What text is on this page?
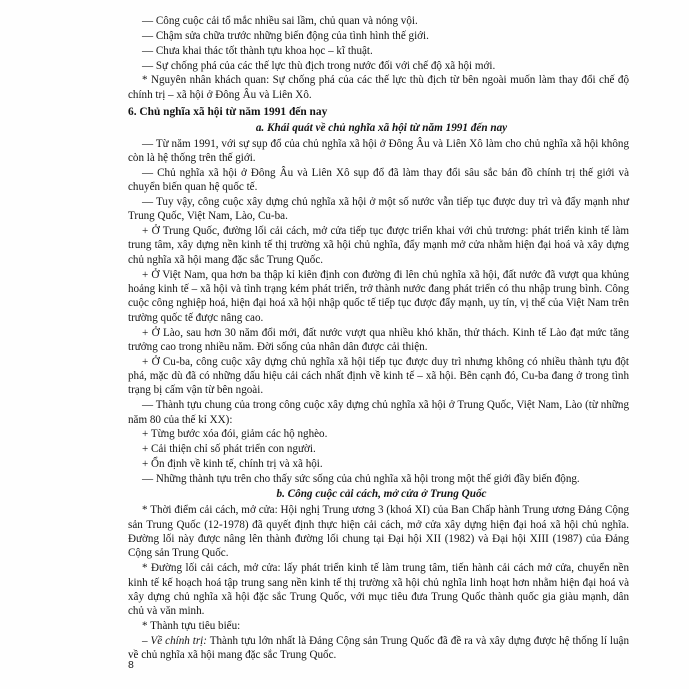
— Công cuộc cải tổ mắc nhiều sai lầm, chủ quan và nóng vội.
— Chậm sửa chữa trước những biến động của tình hình thế giới.
— Chưa khai thác tốt thành tựu khoa học – kĩ thuật.
— Sự chống phá của các thế lực thù địch trong nước đối với chế độ xã hội mới.
* Nguyên nhân khách quan: Sự chống phá của các thế lực thù địch từ bên ngoài muốn làm thay đổi chế độ chính trị – xã hội ở Đông Âu và Liên Xô.
6. Chủ nghĩa xã hội từ năm 1991 đến nay
a. Khái quát về chủ nghĩa xã hội từ năm 1991 đến nay
— Từ năm 1991, với sự sụp đổ của chủ nghĩa xã hội ở Đông Âu và Liên Xô làm cho chủ nghĩa xã hội không còn là hệ thống trên thế giới.
— Chủ nghĩa xã hội ở Đông Âu và Liên Xô sụp đổ đã làm thay đổi sâu sắc bản đồ chính trị thế giới và chuyển biến quan hệ quốc tế.
— Tuy vậy, công cuộc xây dựng chủ nghĩa xã hội ở một số nước vẫn tiếp tục được duy trì và đẩy mạnh như Trung Quốc, Việt Nam, Lào, Cu-ba.
+ Ở Trung Quốc, đường lối cải cách, mở cửa tiếp tục được triển khai với chủ trương: phát triển kinh tế làm trung tâm, xây dựng nền kinh tế thị trường xã hội chủ nghĩa, đẩy mạnh mở cửa nhằm hiện đại hoá và xây dựng chủ nghĩa xã hội mang đặc sắc Trung Quốc.
+ Ở Việt Nam, qua hơn ba thập kỉ kiên định con đường đi lên chủ nghĩa xã hội, đất nước đã vượt qua khủng hoảng kinh tế – xã hội và tình trạng kém phát triển, trở thành nước đang phát triển có thu nhập trung bình. Công cuộc công nghiệp hoá, hiện đại hoá xã hội nhập quốc tế tiếp tục được đẩy mạnh, uy tín, vị thế của Việt Nam trên trường quốc tế được nâng cao.
+ Ở Lào, sau hơn 30 năm đổi mới, đất nước vượt qua nhiều khó khăn, thử thách. Kinh tế Lào đạt mức tăng trưởng cao trong nhiều năm. Đời sống của nhân dân được cải thiện.
+ Ở Cu-ba, công cuộc xây dựng chủ nghĩa xã hội tiếp tục được duy trì nhưng không có nhiều thành tựu đột phá, mặc dù đã có những dấu hiệu cải cách nhất định về kinh tế – xã hội. Bên cạnh đó, Cu-ba đang ở trong tình trạng bị cấm vận từ bên ngoài.
— Thành tựu chung của trong công cuộc xây dựng chủ nghĩa xã hội ở Trung Quốc, Việt Nam, Lào (từ những năm 80 của thế kỉ XX):
+ Từng bước xóa đói, giảm các hộ nghèo.
+ Cải thiện chỉ số phát triển con người.
+ Ổn định về kinh tế, chính trị và xã hội.
— Những thành tựu trên cho thấy sức sống của chủ nghĩa xã hội trong một thế giới đầy biến động.
b. Công cuộc cải cách, mở cửa ở Trung Quốc
* Thời điểm cải cách, mở cửa: Hội nghị Trung ương 3 (khoá XI) của Ban Chấp hành Trung ương Đảng Cộng sản Trung Quốc (12-1978) đã quyết định thực hiện cải cách, mở cửa xây dựng hiện đại hoá xã hội chủ nghĩa. Đường lối này được nâng lên thành đường lối chung tại Đại hội XII (1982) và Đại hội XIII (1987) của Đảng Cộng sản Trung Quốc.
* Đường lối cải cách, mở cửa: lấy phát triển kinh tế làm trung tâm, tiến hành cải cách mở cửa, chuyển nền kinh tế kế hoạch hoá tập trung sang nền kinh tế thị trường xã hội chủ nghĩa linh hoạt hơn nhằm hiện đại hoá và xây dựng chủ nghĩa xã hội đặc sắc Trung Quốc, với mục tiêu đưa Trung Quốc thành quốc gia giàu mạnh, dân chủ và văn minh.
* Thành tựu tiêu biểu:
– Về chính trị: Thành tựu lớn nhất là Đảng Cộng sản Trung Quốc đã đề ra và xây dựng được hệ thống lí luận về chủ nghĩa xã hội mang đặc sắc Trung Quốc.
8
